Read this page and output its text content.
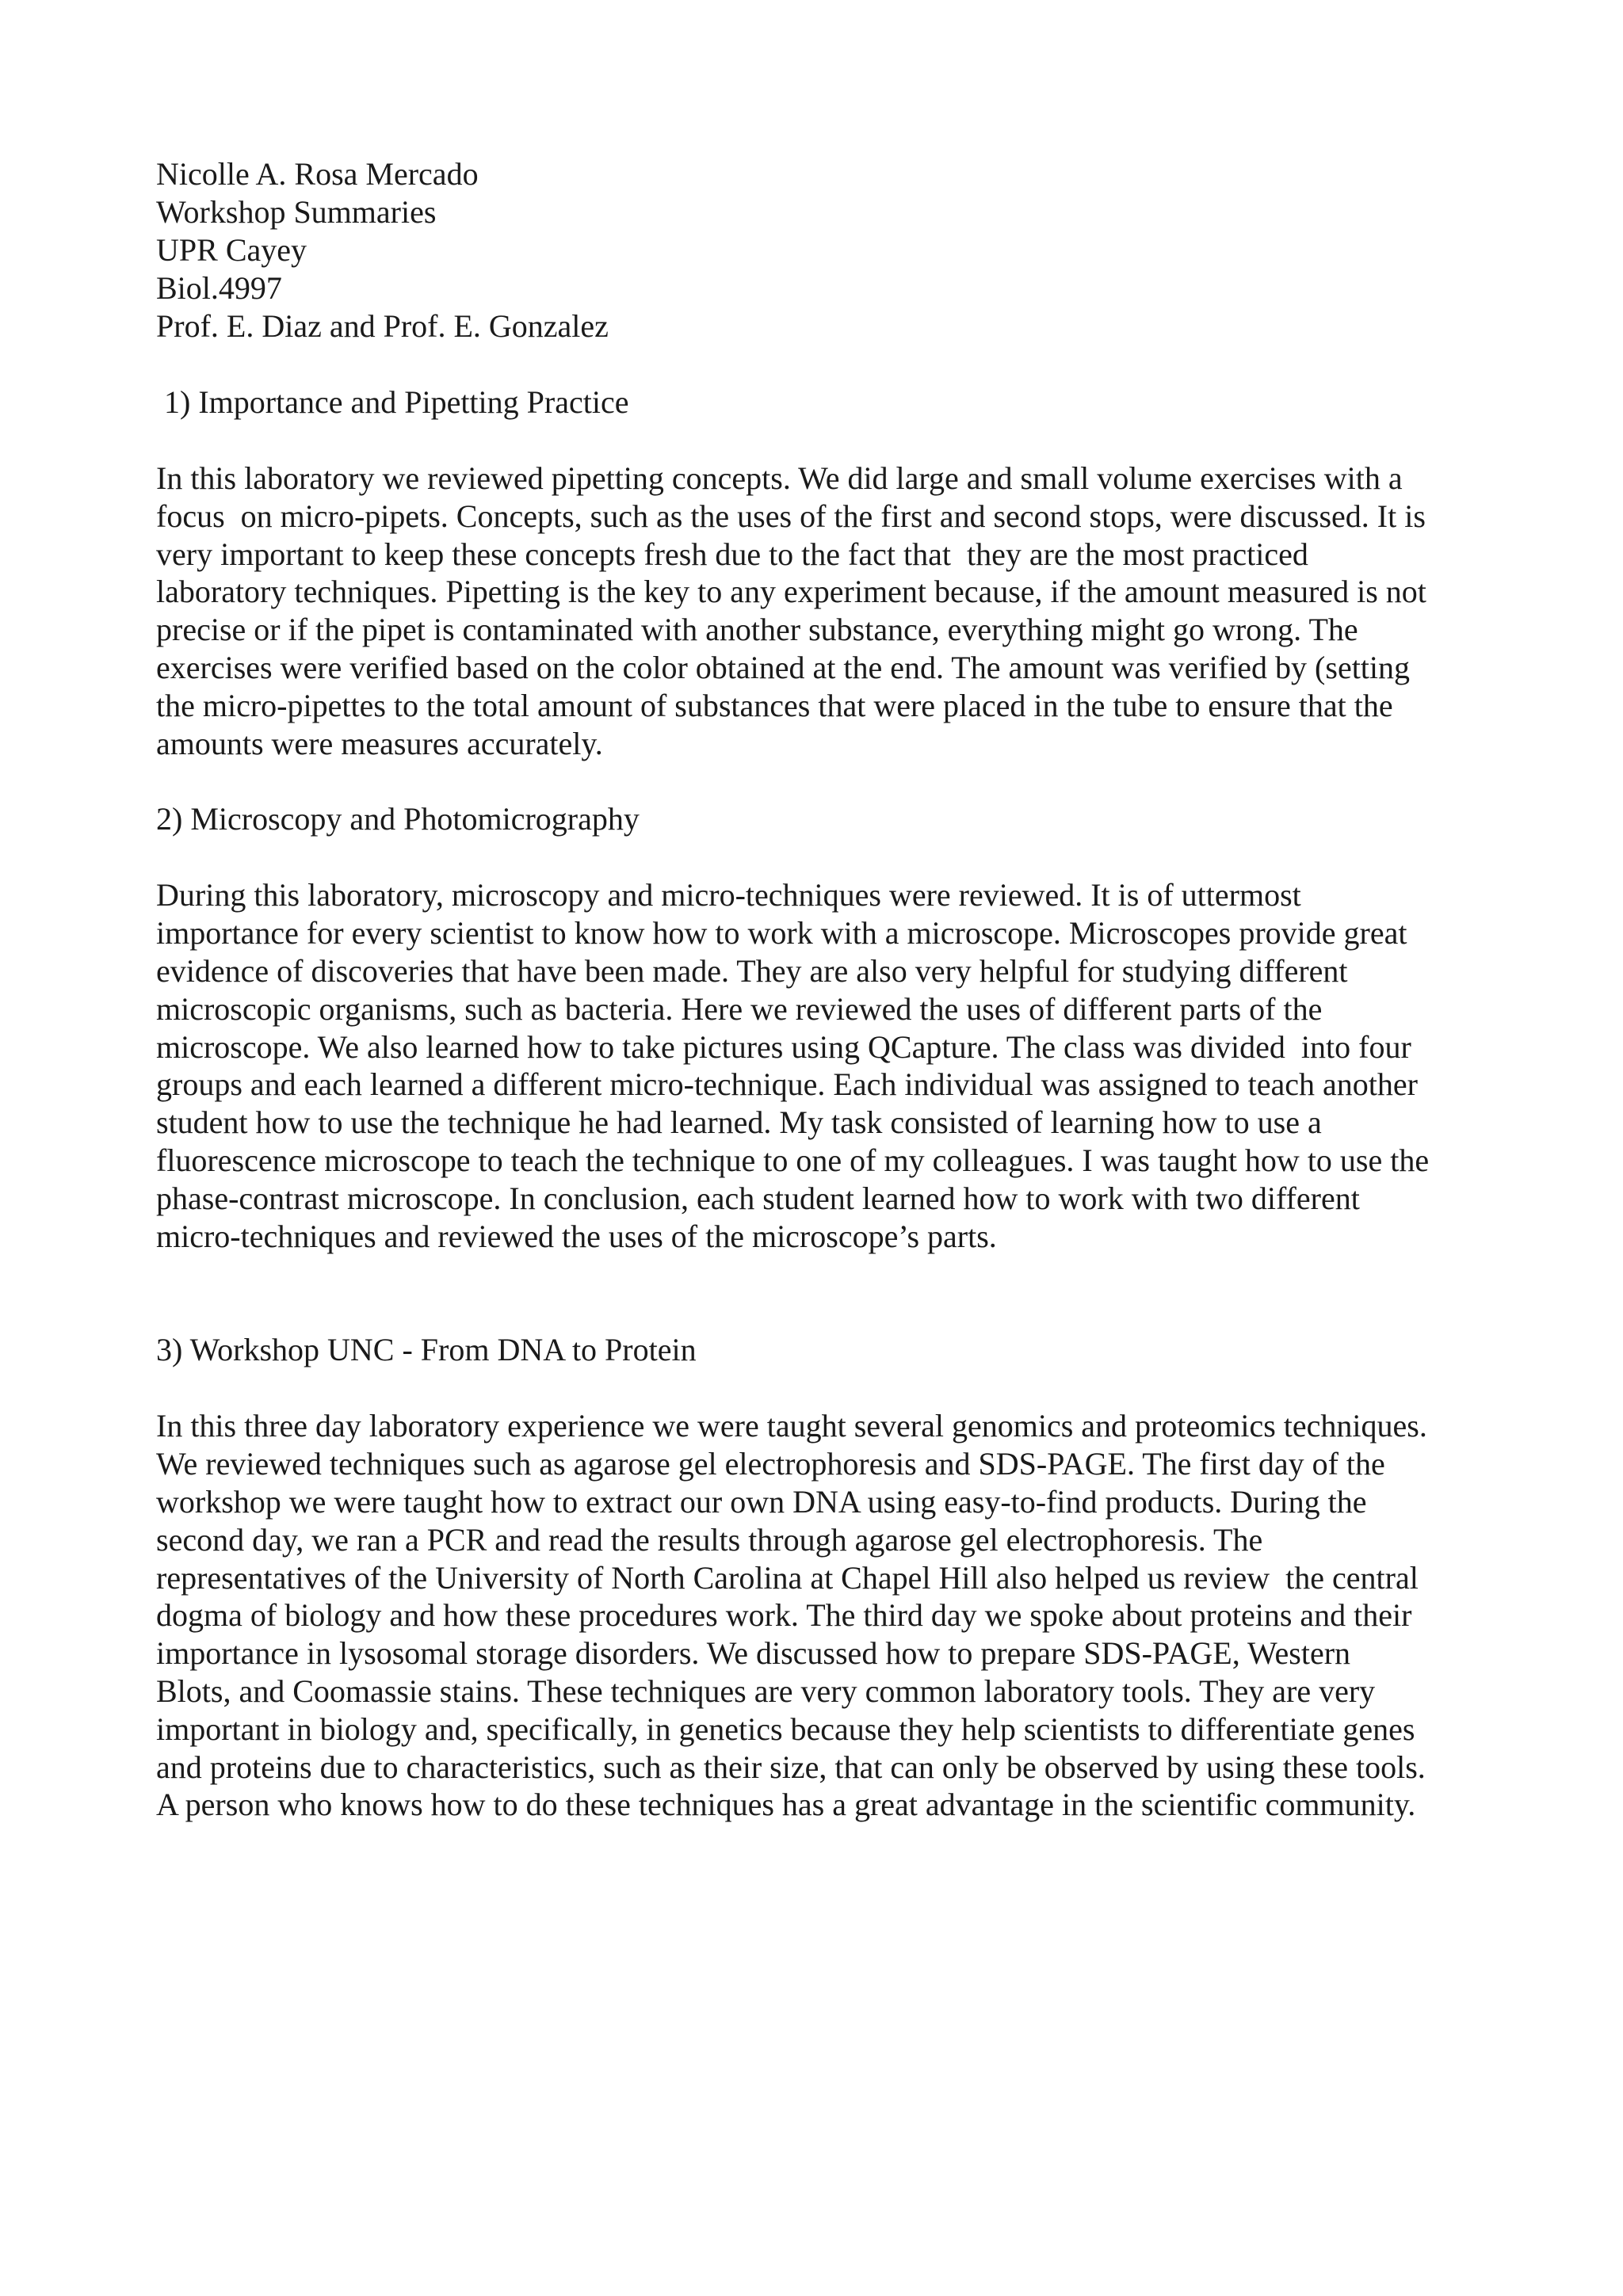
Nicolle A. Rosa Mercado
Workshop Summaries
UPR Cayey
Biol.4997
Prof. E. Diaz and Prof. E. Gonzalez
1) Importance and Pipetting Practice
In this laboratory we reviewed pipetting concepts. We did large and small volume exercises with a
focus  on micro-pipets. Concepts, such as the uses of the first and second stops, were discussed. It is
very important to keep these concepts fresh due to the fact that  they are the most practiced
laboratory techniques. Pipetting is the key to any experiment because, if the amount measured is not
precise or if the pipet is contaminated with another substance, everything might go wrong. The
exercises were verified based on the color obtained at the end. The amount was verified by (setting
the micro-pipettes to the total amount of substances that were placed in the tube to ensure that the
amounts were measures accurately.
2) Microscopy and Photomicrography
During this laboratory, microscopy and micro-techniques were reviewed. It is of uttermost
importance for every scientist to know how to work with a microscope. Microscopes provide great
evidence of discoveries that have been made. They are also very helpful for studying different
microscopic organisms, such as bacteria. Here we reviewed the uses of different parts of the
microscope. We also learned how to take pictures using QCapture. The class was divided  into four
groups and each learned a different micro-technique. Each individual was assigned to teach another
student how to use the technique he had learned. My task consisted of learning how to use a
fluorescence microscope to teach the technique to one of my colleagues. I was taught how to use the
phase-contrast microscope. In conclusion, each student learned how to work with two different
micro-techniques and reviewed the uses of the microscope’s parts.
3) Workshop UNC - From DNA to Protein
In this three day laboratory experience we were taught several genomics and proteomics techniques.
We reviewed techniques such as agarose gel electrophoresis and SDS-PAGE. The first day of the
workshop we were taught how to extract our own DNA using easy-to-find products. During the
second day, we ran a PCR and read the results through agarose gel electrophoresis. The
representatives of the University of North Carolina at Chapel Hill also helped us review  the central
dogma of biology and how these procedures work. The third day we spoke about proteins and their
importance in lysosomal storage disorders. We discussed how to prepare SDS-PAGE, Western
Blots, and Coomassie stains. These techniques are very common laboratory tools. They are very
important in biology and, specifically, in genetics because they help scientists to differentiate genes
and proteins due to characteristics, such as their size, that can only be observed by using these tools.
A person who knows how to do these techniques has a great advantage in the scientific community.
